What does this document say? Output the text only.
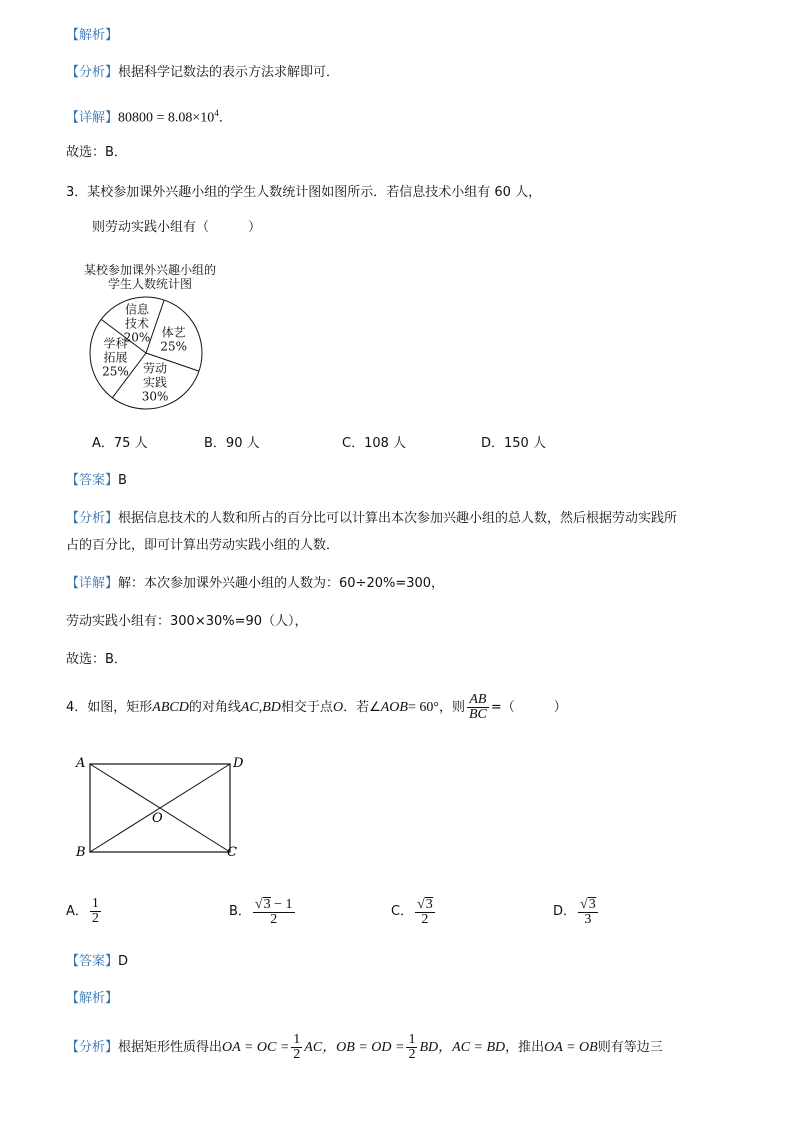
【解析】
【分析】根据科学记数法的表示方法求解即可．
【详解】$80800 = 8.08\times 10^4$．
故选：B．
3．某校参加课外兴趣小组的学生人数统计图如图所示．若信息技术小组有 60 人，
则劳动实践小组有（　　　）
某校参加课外兴趣小组的
学生人数统计图
体艺
25%
劳动
实践
30%
学科
拓展
25%
信息
技术
20%
A．75 人	B．90 人	C．108 人	D．150 人
【答案】B
【分析】根据信息技术的人数和所占的百分比可以计算出本次参加兴趣小组的总人数，然后根据劳动实践所
占的百分比，即可计算出劳动实践小组的人数．
【详解】解：本次参加课外兴趣小组的人数为：60÷20%=300，
劳动实践小组有：300×30%=90（人），
故选：B．
4．如图，矩形ABCD的对角线AC,BD相交于点O．若∠AOB= 60°，则 $\frac{AB}{BC}$ =（　　　）
A	D
B	C
O
A． $\frac{1}{2}$	B． $\frac{√3 - 1}{2}$	C． $\frac{√3}{2}$	D． $\frac{√3}{3}$
【答案】D
【解析】
【分析】根据矩形性质得出OA = OC = $\frac{1}{2}$ AC，OB = OD = $\frac{1}{2}$ BD，AC = BD，推出OA = OB则有等边三
